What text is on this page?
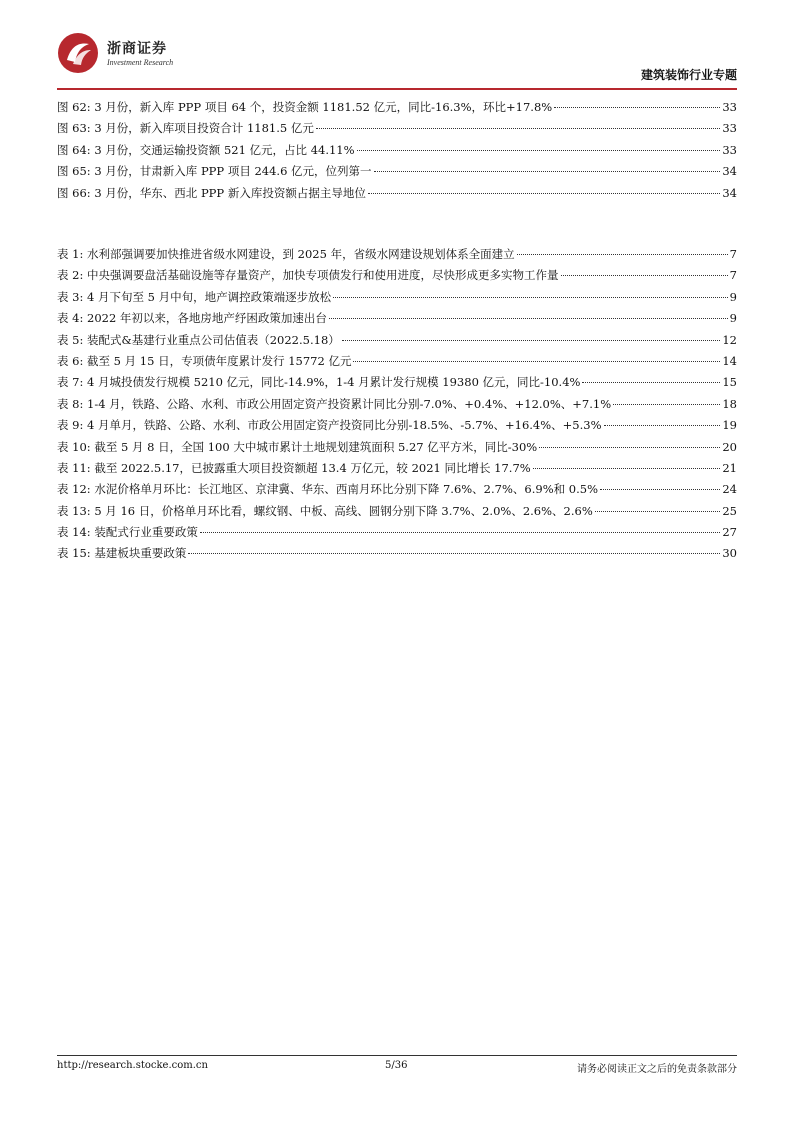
浙商证券
Investment Research
建筑装饰行业专题
图 62: 3 月份，新入库 PPP 项目 64 个，投资金额 1181.52 亿元，同比-16.3%，环比+17.8%	33
图 63: 3 月份，新入库项目投资合计 1181.5 亿元	33
图 64: 3 月份，交通运输投资额 521 亿元，占比 44.11%	33
图 65: 3 月份，甘肃新入库 PPP 项目 244.6 亿元，位列第一	34
图 66: 3 月份，华东、西北 PPP 新入库投资额占据主导地位	34
表 1: 水利部强调要加快推进省级水网建设，到 2025 年，省级水网建设规划体系全面建立	7
表 2: 中央强调要盘活基础设施等存量资产，加快专项债发行和使用进度，尽快形成更多实物工作量	7
表 3: 4 月下旬至 5 月中旬，地产调控政策端逐步放松	9
表 4: 2022 年初以来，各地房地产纾困政策加速出台	9
表 5: 装配式&基建行业重点公司估值表（2022.5.18）	12
表 6: 截至 5 月 15 日，专项债年度累计发行 15772 亿元	14
表 7: 4 月城投债发行规模 5210 亿元，同比-14.9%，1-4 月累计发行规模 19380 亿元，同比-10.4%	15
表 8: 1-4 月，铁路、公路、水利、市政公用固定资产投资累计同比分别-7.0%、+0.4%、+12.0%、+7.1%	18
表 9: 4 月单月，铁路、公路、水利、市政公用固定资产投资同比分别-18.5%、-5.7%、+16.4%、+5.3%	19
表 10: 截至 5 月 8 日，全国 100 大中城市累计土地规划建筑面积 5.27 亿平方米，同比-30%	20
表 11: 截至 2022.5.17，已披露重大项目投资额超 13.4 万亿元，较 2021 同比增长 17.7%	21
表 12: 水泥价格单月环比：长江地区、京津冀、华东、西南月环比分别下降 7.6%、2.7%、6.9%和 0.5%	24
表 13: 5 月 16 日，价格单月环比看，螺纹钢、中板、高线、圆钢分别下降 3.7%、2.0%、2.6%、2.6%	25
表 14: 装配式行业重要政策	27
表 15: 基建板块重要政策	30
http://research.stocke.com.cn	5/36	请务必阅读正文之后的免责条款部分
